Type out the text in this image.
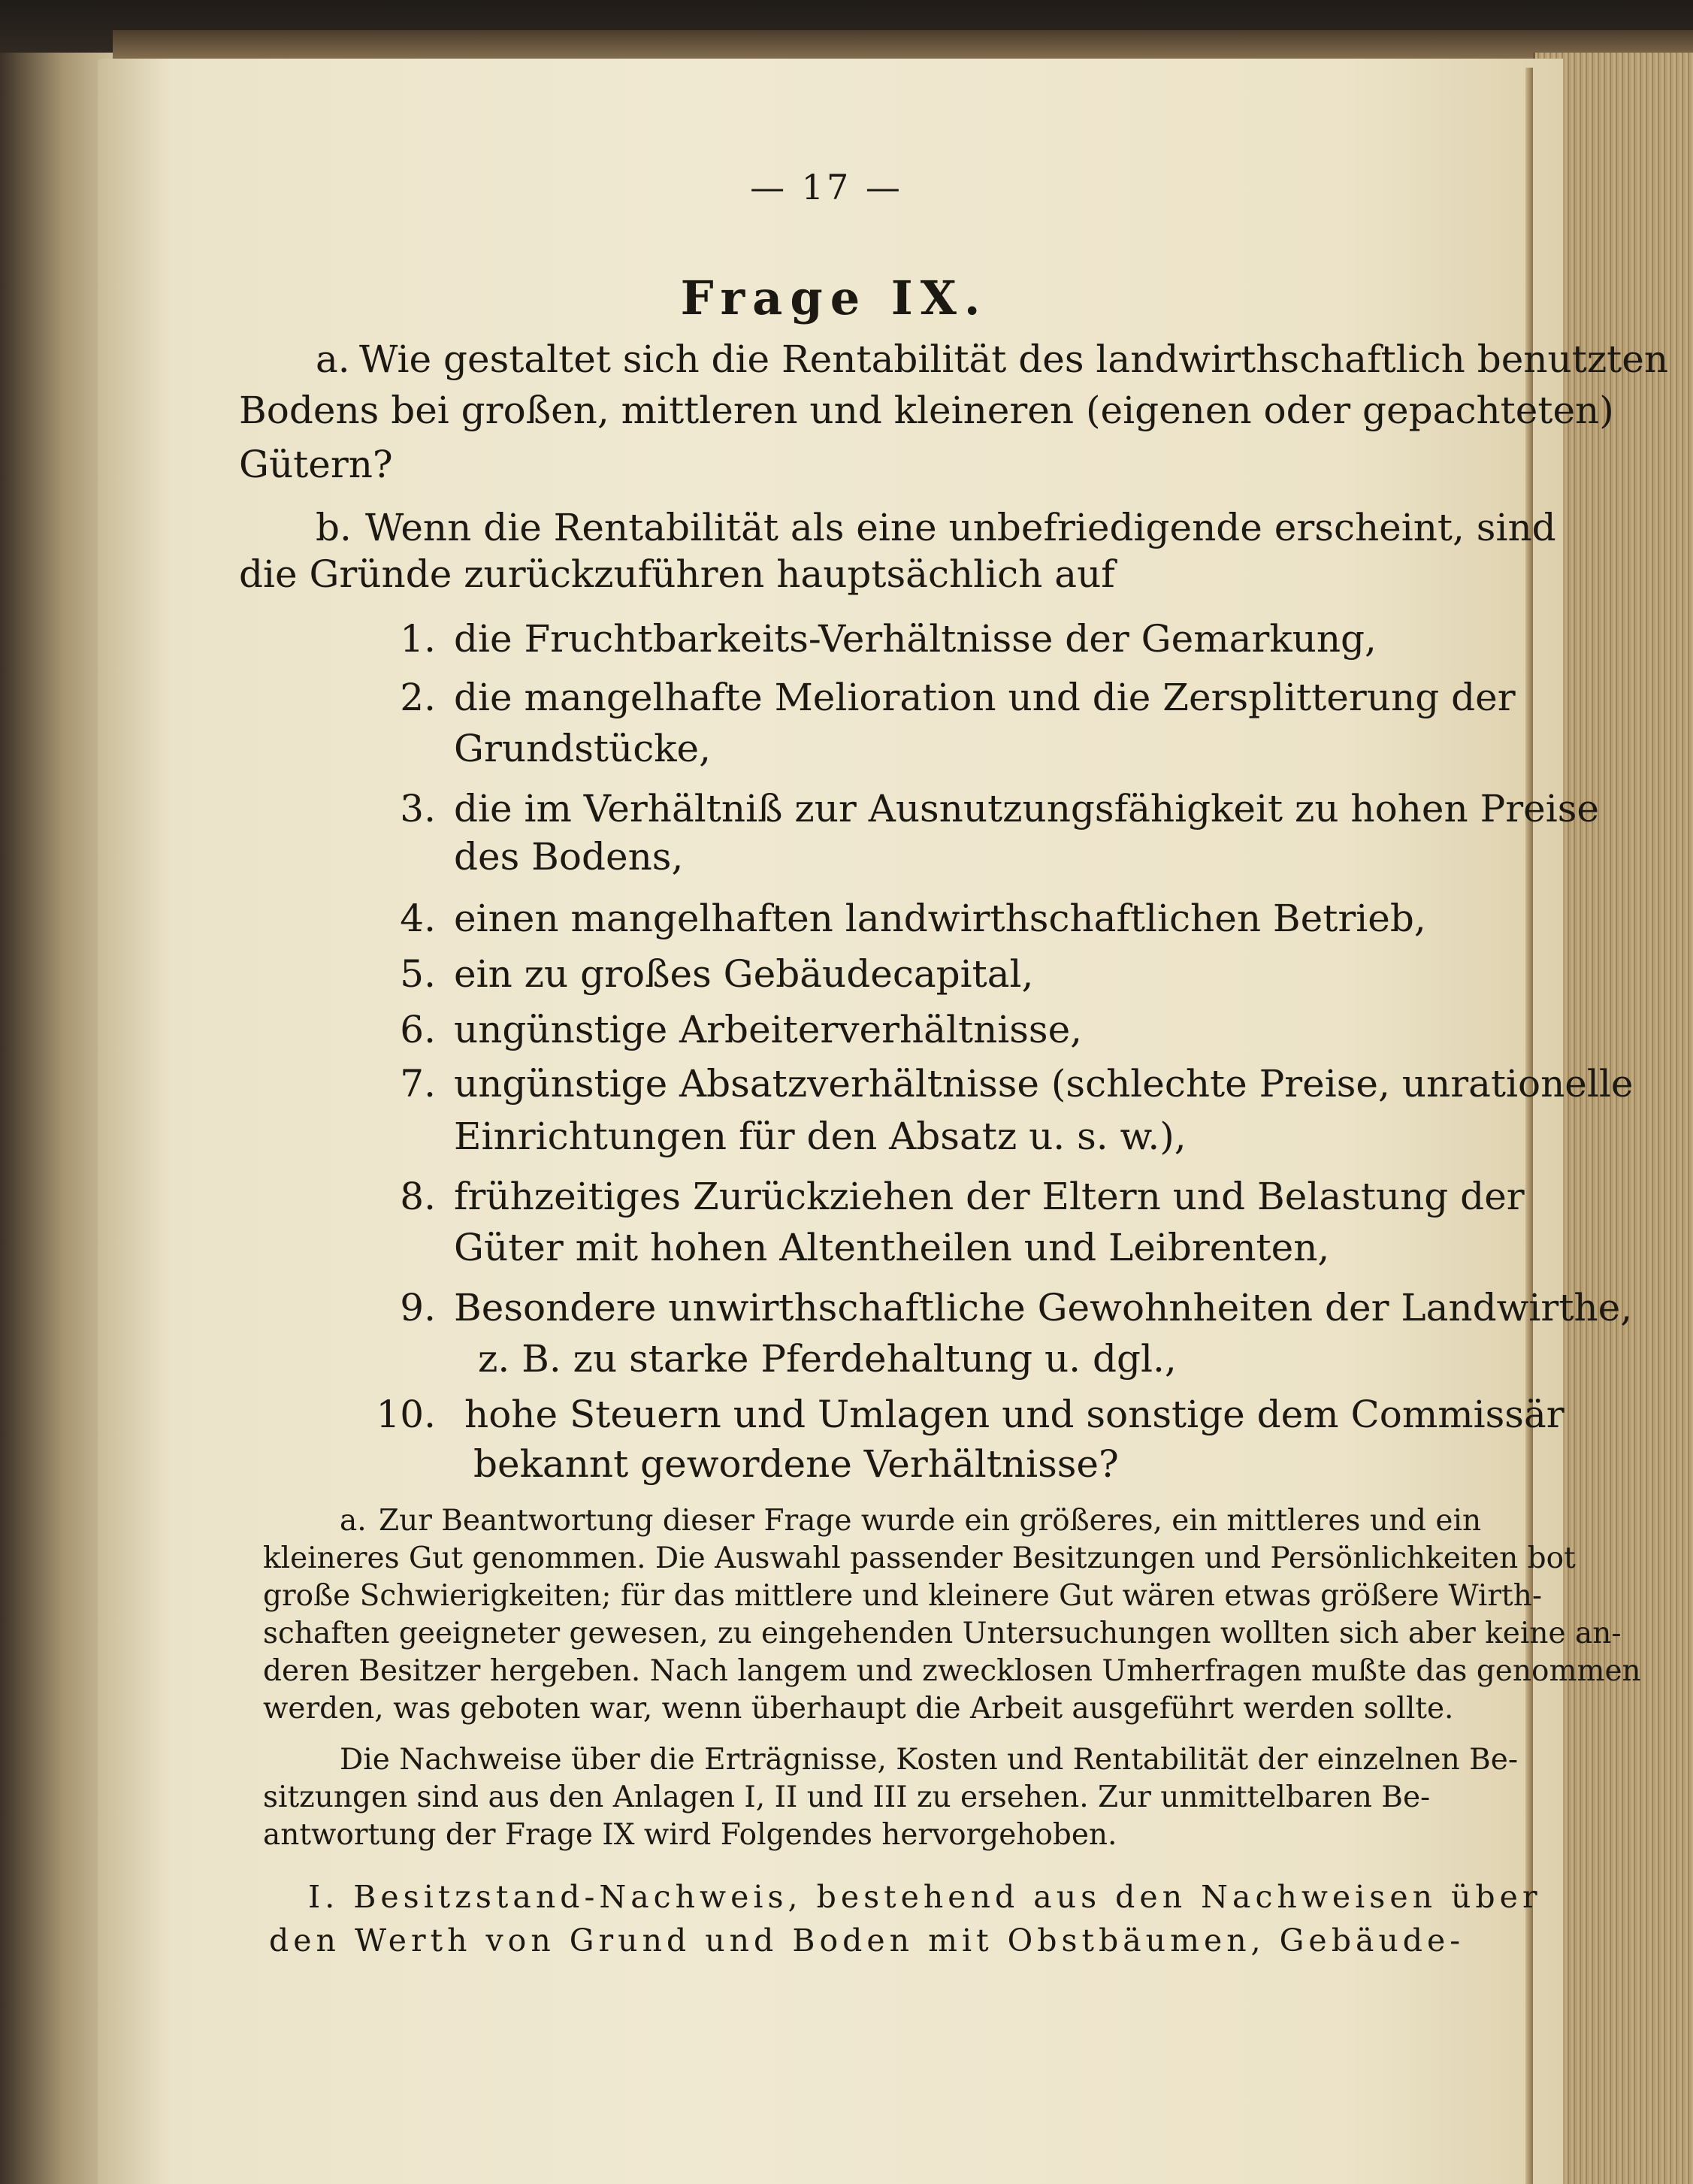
— 17 —
Frage IX.
a. Wie gestaltet sich die Rentabilität des landwirthschaftlich benutzten
Bodens bei großen, mittleren und kleineren (eigenen oder gepachteten)
Gütern?
b. Wenn die Rentabilität als eine unbefriedigende erscheint, sind
die Gründe zurückzuführen hauptsächlich auf
1. die Fruchtbarkeits-Verhältnisse der Gemarkung,
2. die mangelhafte Melioration und die Zersplitterung der
Grundstücke,
3. die im Verhältniß zur Ausnutzungsfähigkeit zu hohen Preise
des Bodens,
4. einen mangelhaften landwirthschaftlichen Betrieb,
5. ein zu großes Gebäudecapital,
6. ungünstige Arbeiterverhältnisse,
7. ungünstige Absatzverhältnisse (schlechte Preise, unrationelle
Einrichtungen für den Absatz u. s. w.),
8. frühzeitiges Zurückziehen der Eltern und Belastung der
Güter mit hohen Altentheilen und Leibrenten,
9. Besondere unwirthschaftliche Gewohnheiten der Landwirthe,
z. B. zu starke Pferdehaltung u. dgl.,
10. hohe Steuern und Umlagen und sonstige dem Commissär
bekannt gewordene Verhältnisse?
a. Zur Beantwortung dieser Frage wurde ein größeres, ein mittleres und ein
kleineres Gut genommen. Die Auswahl passender Besitzungen und Persönlichkeiten bot
große Schwierigkeiten; für das mittlere und kleinere Gut wären etwas größere Wirth-
schaften geeigneter gewesen, zu eingehenden Untersuchungen wollten sich aber keine an-
deren Besitzer hergeben. Nach langem und zwecklosen Umherfragen mußte das genommen
werden, was geboten war, wenn überhaupt die Arbeit ausgeführt werden sollte.
Die Nachweise über die Erträgnisse, Kosten und Rentabilität der einzelnen Be-
sitzungen sind aus den Anlagen I, II und III zu ersehen. Zur unmittelbaren Be-
antwortung der Frage IX wird Folgendes hervorgehoben.
I. Besitzstand-Nachweis, bestehend aus den Nachweisen über
den Werth von Grund und Boden mit Obstbäumen, Gebäude-
